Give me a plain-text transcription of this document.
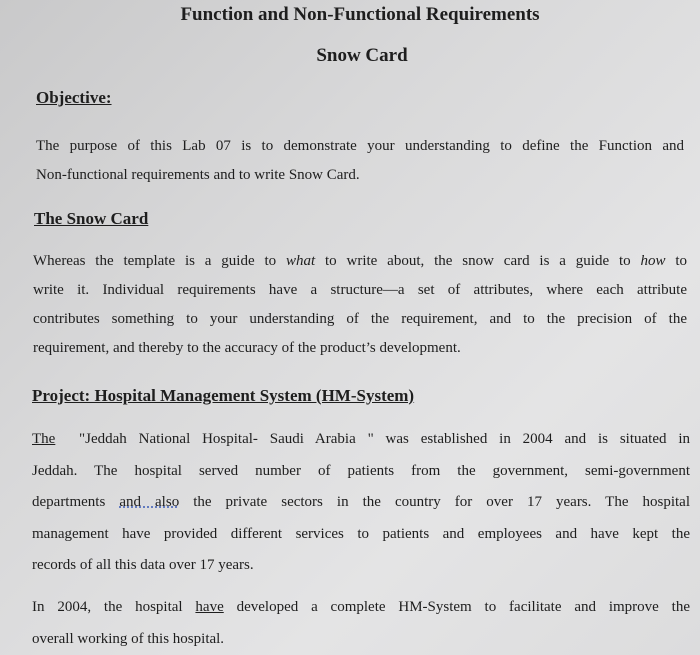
Function and Non-Functional Requirements
Snow Card
Objective:
The purpose of this Lab 07 is to demonstrate your understanding to define the Function and
Non-functional requirements and to write Snow Card.
The Snow Card
Whereas the template is a guide to what to write about, the snow card is a guide to how to
write it. Individual requirements have a structure—a set of attributes, where each attribute
contributes something to your understanding of the requirement, and to the precision of the
requirement, and thereby to the accuracy of the product’s development.
Project: Hospital Management System (HM-System)
The  "Jeddah National Hospital- Saudi Arabia " was established in 2004 and is situated in
Jeddah. The hospital served number of patients from the government, semi-government
departments and also the private sectors in the country for over 17 years. The hospital
management have provided different services to patients and employees and have kept the
records of all this data over 17 years.
In 2004, the hospital have developed a complete HM-System to facilitate and improve the
overall working of this hospital.
